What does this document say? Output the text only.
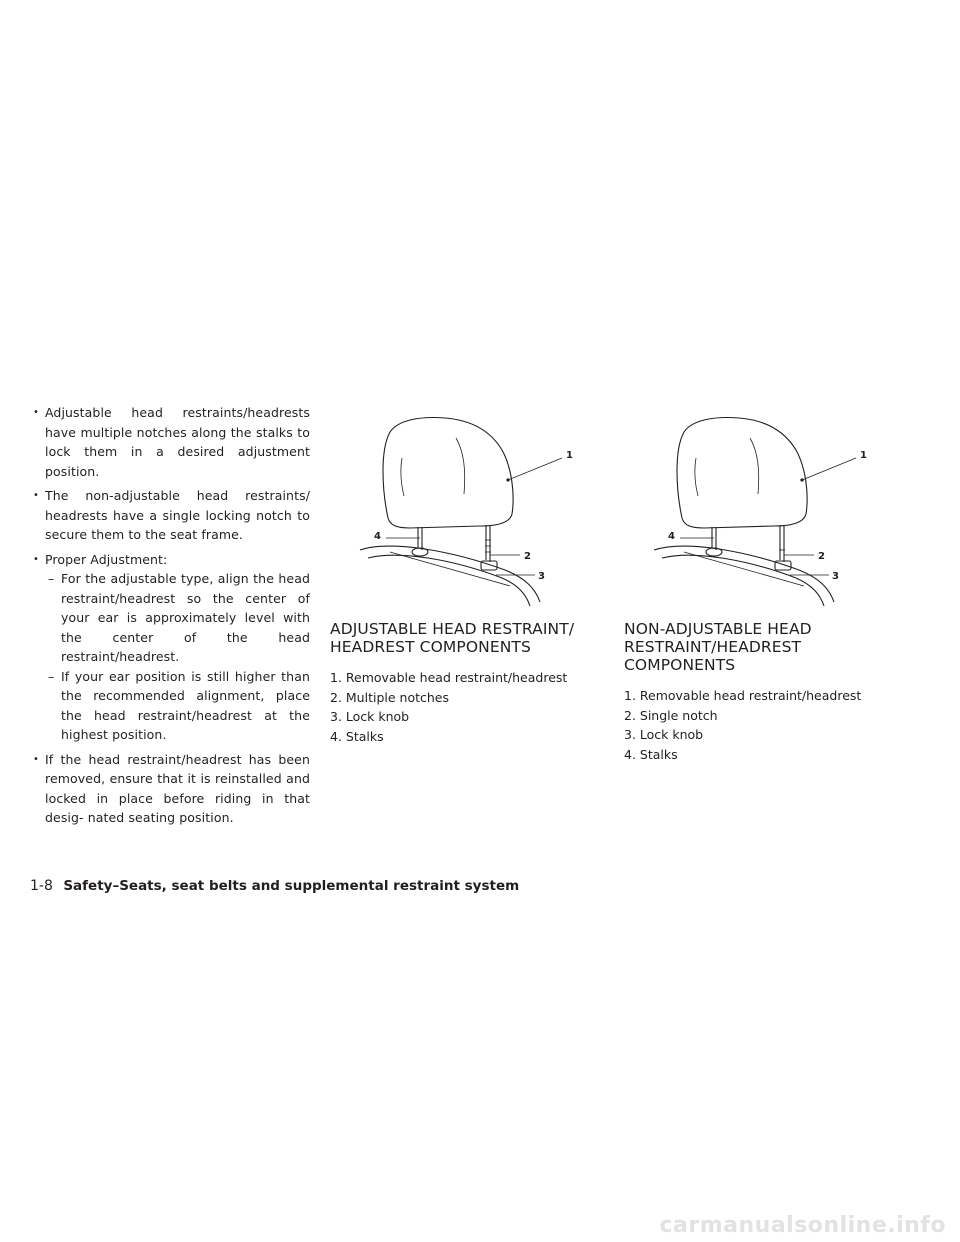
• Adjustable head restraints/headrests have multiple notches along the stalks to lock them in a desired adjustment position.
• The non-adjustable head restraints/ headrests have a single locking notch to secure them to the seat frame.
• Proper Adjustment:
– For the adjustable type, align the head restraint/headrest so the center of your ear is approximately level with the center of the head restraint/headrest.
– If your ear position is still higher than the recommended alignment, place the head restraint/headrest at the highest position.
• If the head restraint/headrest has been removed, ensure that it is reinstalled and locked in place before riding in that desig- nated seating position.
1
2
3
4
ADJUSTABLE HEAD RESTRAINT/
HEADREST COMPONENTS
1. Removable head restraint/headrest
2. Multiple notches
3. Lock knob
4. Stalks
1
2
3
4
NON-ADJUSTABLE HEAD
RESTRAINT/HEADREST
COMPONENTS
1. Removable head restraint/headrest
2. Single notch
3. Lock knob
4. Stalks
1-8 Safety–Seats, seat belts and supplemental restraint system
carmanualsonline.info
